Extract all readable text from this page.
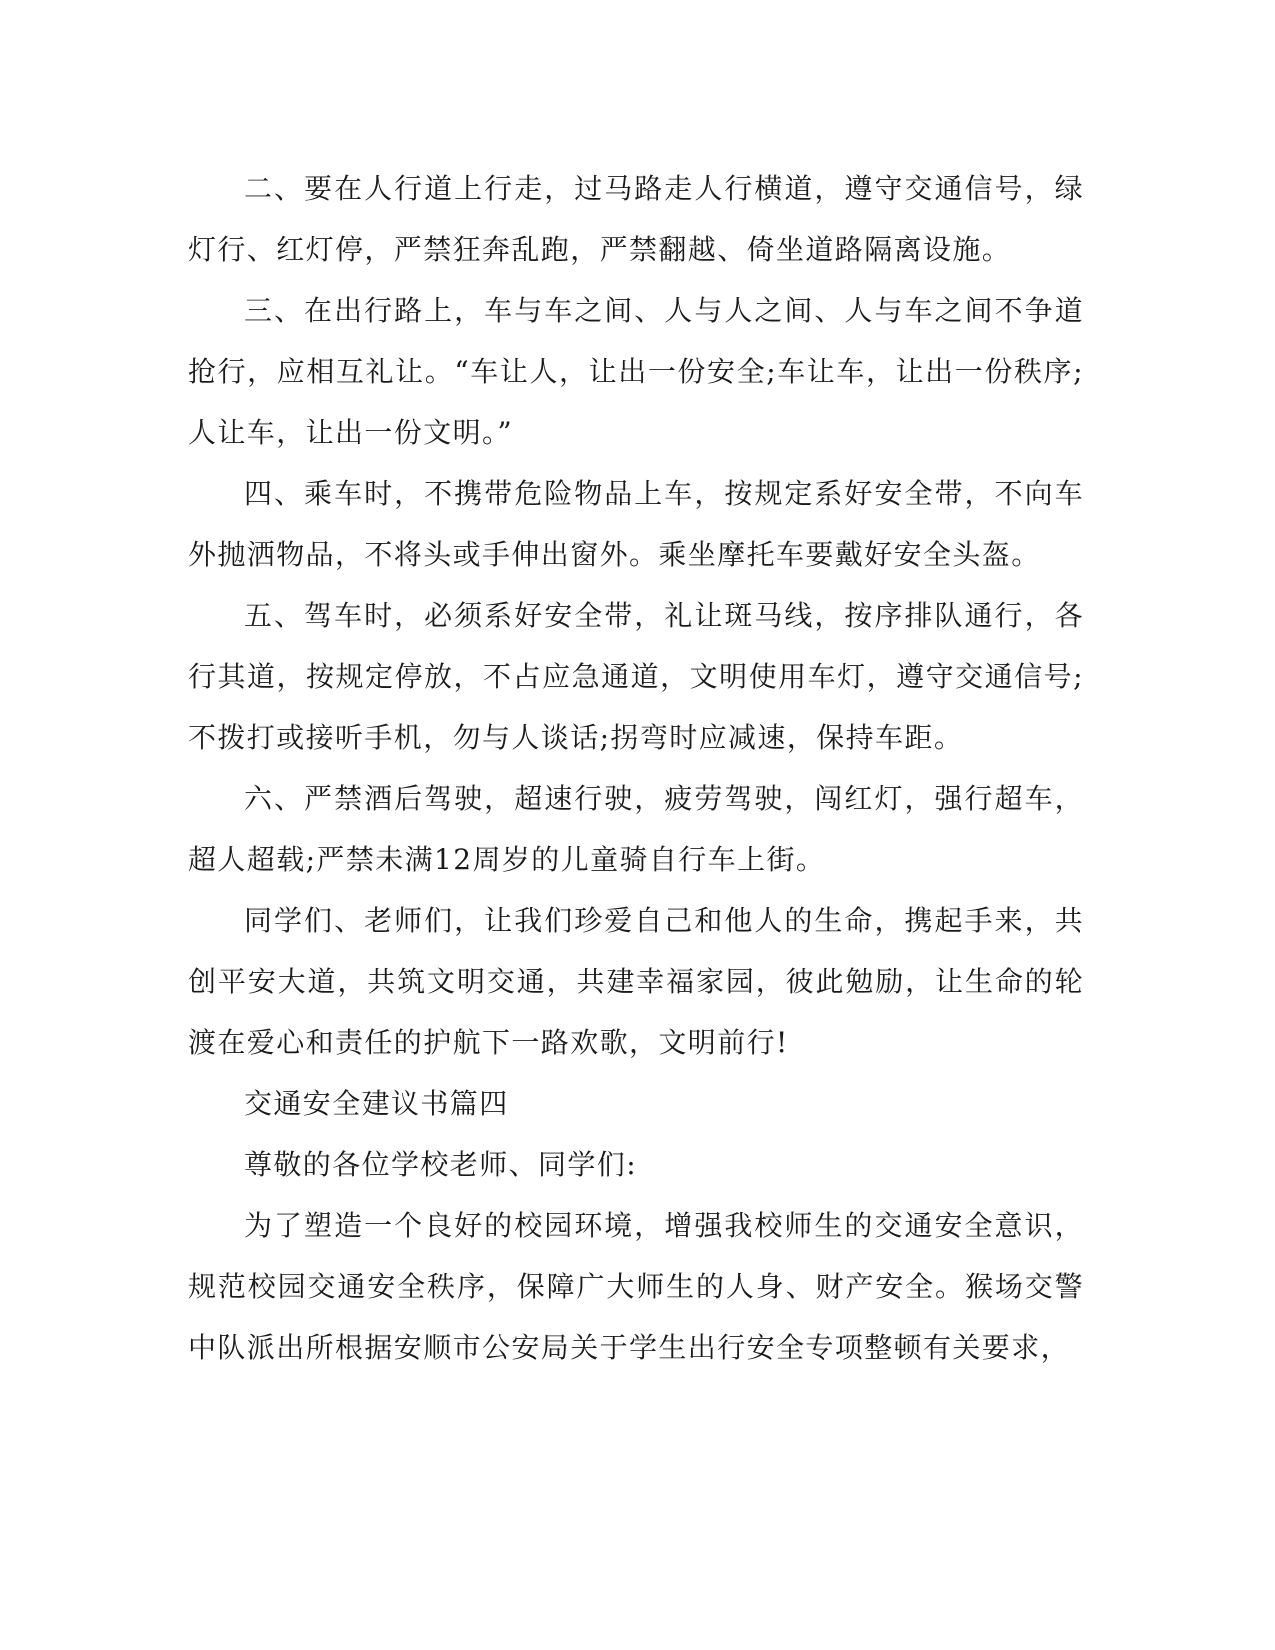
二、要在人行道上行走，过马路走人行横道，遵守交通信号，绿灯行、红灯停，严禁狂奔乱跑，严禁翻越、倚坐道路隔离设施。

三、在出行路上，车与车之间、人与人之间、人与车之间不争道抢行，应相互礼让。“车让人，让出一份安全;车让车，让出一份秩序;人让车，让出一份文明。”

四、乘车时，不携带危险物品上车，按规定系好安全带，不向车外抛洒物品，不将头或手伸出窗外。乘坐摩托车要戴好安全头盔。

五、驾车时，必须系好安全带，礼让斑马线，按序排队通行，各行其道，按规定停放，不占应急通道，文明使用车灯，遵守交通信号;不拨打或接听手机，勿与人谈话;拐弯时应减速，保持车距。

六、严禁酒后驾驶，超速行驶，疲劳驾驶，闯红灯，强行超车，超人超载;严禁未满12周岁的儿童骑自行车上街。

同学们、老师们，让我们珍爱自己和他人的生命，携起手来，共创平安大道，共筑文明交通，共建幸福家园，彼此勉励，让生命的轮渡在爱心和责任的护航下一路欢歌，文明前行!

交通安全建议书篇四

尊敬的各位学校老师、同学们:

为了塑造一个良好的校园环境，增强我校师生的交通安全意识，规范校园交通安全秩序，保障广大师生的人身、财产安全。猴场交警中队派出所根据安顺市公安局关于学生出行安全专项整顿有关要求，
